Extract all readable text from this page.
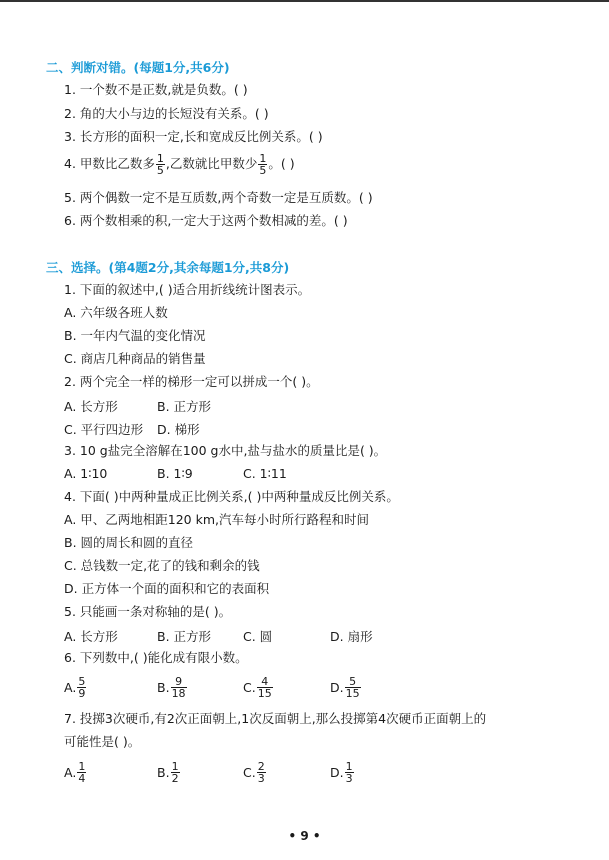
二、判断对错。(每题1分,共6分)
1. 一个数不是正数,就是负数。( )
2. 角的大小与边的长短没有关系。( )
3. 长方形的面积一定,长和宽成反比例关系。( )
4. 甲数比乙数多 $\frac{1}{5}$ ,乙数就比甲数少 $\frac{1}{5}$ 。( )
5. 两个偶数一定不是互质数,两个奇数一定是互质数。( )
6. 两个数相乘的积,一定大于这两个数相减的差。( )
三、选择。(第4题2分,其余每题1分,共8分)
1. 下面的叙述中,( )适合用折线统计图表示。
A. 六年级各班人数
B. 一年内气温的变化情况
C. 商店几种商品的销售量
2. 两个完全一样的梯形一定可以拼成一个( )。
A. 长方形	B. 正方形
C. 平行四边形 D. 梯形
3. 10 g盐完全溶解在100 g水中,盐与盐水的质量比是( )。
A. 1∶10	B. 1∶9	C. 1∶11
4. 下面( )中两种量成正比例关系,( )中两种量成反比例关系。
A. 甲、乙两地相距120 km,汽车每小时所行路程和时间
B. 圆的周长和圆的直径
C. 总钱数一定,花了的钱和剩余的钱
D. 正方体一个面的面积和它的表面积
5. 只能画一条对称轴的是( )。
A. 长方形	B. 正方形	C. 圆	D. 扇形
6. 下列数中,( )能化成有限小数。
A. $\frac{5}{9}$	B. $\frac{9}{18}$	C. $\frac{4}{15}$	D. $\frac{5}{15}$
7. 投掷3次硬币,有2次正面朝上,1次反面朝上,那么投掷第4次硬币正面朝上的
可能性是( )。
A. $\frac{1}{4}$	B. $\frac{1}{2}$	C. $\frac{2}{3}$	D. $\frac{1}{3}$
• 9 •
